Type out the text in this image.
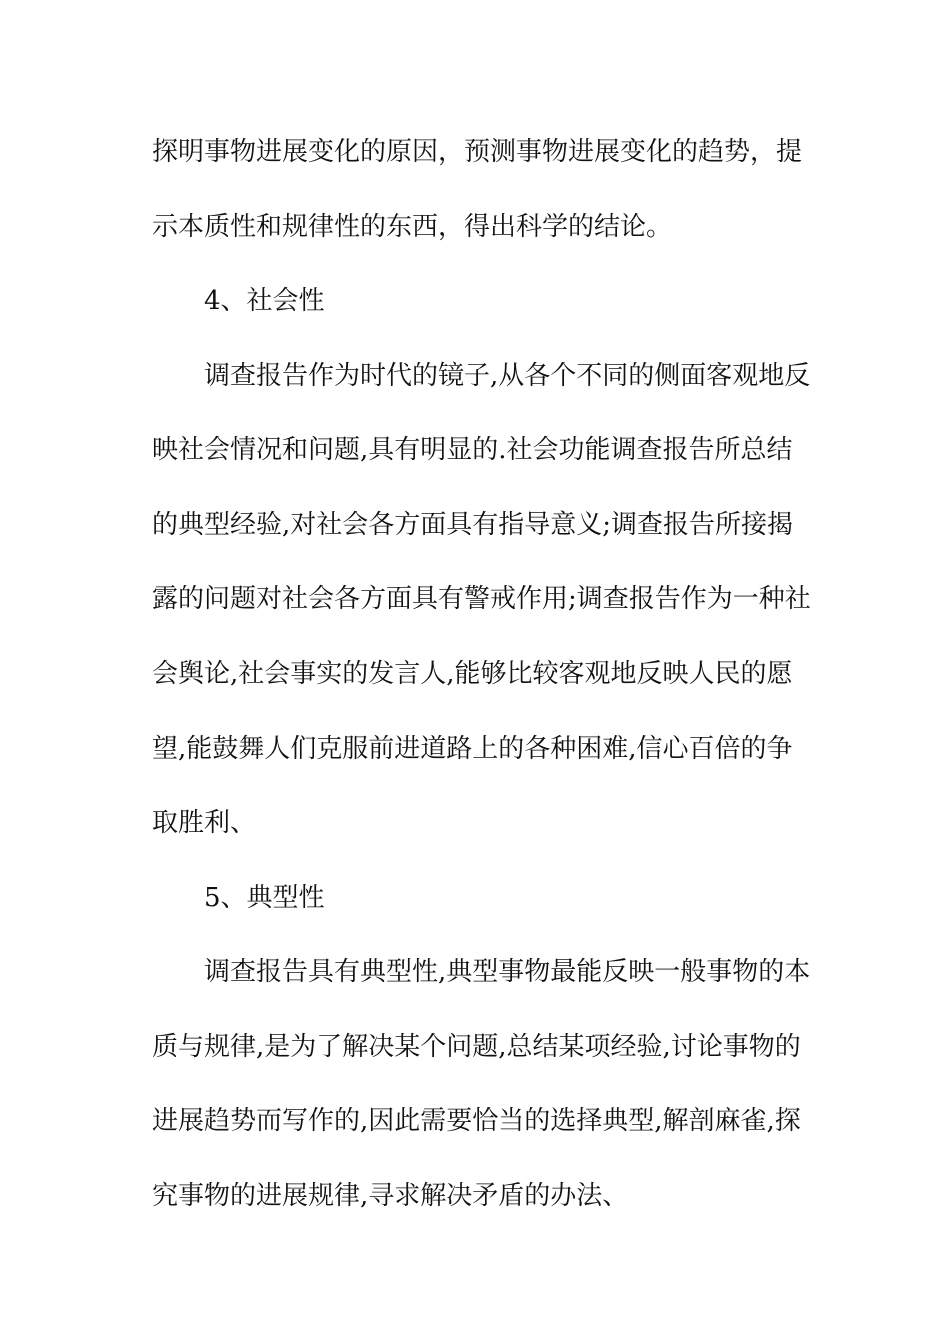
探明事物进展变化的原因，预测事物进展变化的趋势，提
示本质性和规律性的东西，得出科学的结论。
4、社会性
调查报告作为时代的镜子,从各个不同的侧面客观地反
映社会情况和问题,具有明显的.社会功能调查报告所总结
的典型经验,对社会各方面具有指导意义;调查报告所接揭
露的问题对社会各方面具有警戒作用;调查报告作为一种社
会舆论,社会事实的发言人,能够比较客观地反映人民的愿
望,能鼓舞人们克服前进道路上的各种困难,信心百倍的争
取胜利、
5、典型性
调查报告具有典型性,典型事物最能反映一般事物的本
质与规律,是为了解决某个问题,总结某项经验,讨论事物的
进展趋势而写作的,因此需要恰当的选择典型,解剖麻雀,探
究事物的进展规律,寻求解决矛盾的办法、
